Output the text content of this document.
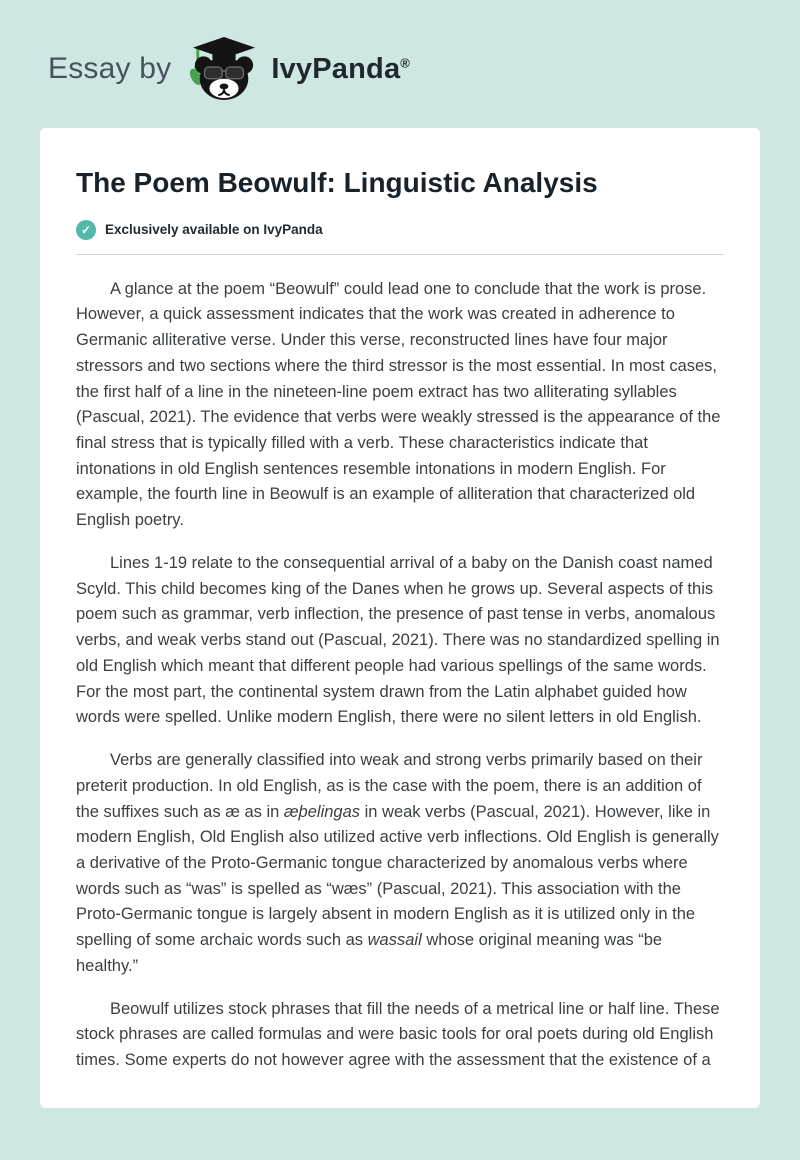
Essay by	IvyPanda®
The Poem Beowulf: Linguistic Analysis
✓	Exclusively available on IvyPanda

A glance at the poem “Beowulf” could lead one to conclude that the work is prose. However, a quick assessment indicates that the work was created in adherence to Germanic alliterative verse. Under this verse, reconstructed lines have four major stressors and two sections where the third stressor is the most essential. In most cases, the first half of a line in the nineteen-line poem extract has two alliterating syllables (Pascual, 2021). The evidence that verbs were weakly stressed is the appearance of the final stress that is typically filled with a verb. These characteristics indicate that intonations in old English sentences resemble intonations in modern English. For example, the fourth line in Beowulf is an example of alliteration that characterized old English poetry.

Lines 1-19 relate to the consequential arrival of a baby on the Danish coast named Scyld. This child becomes king of the Danes when he grows up. Several aspects of this poem such as grammar, verb inflection, the presence of past tense in verbs, anomalous verbs, and weak verbs stand out (Pascual, 2021). There was no standardized spelling in old English which meant that different people had various spellings of the same words. For the most part, the continental system drawn from the Latin alphabet guided how words were spelled. Unlike modern English, there were no silent letters in old English.

Verbs are generally classified into weak and strong verbs primarily based on their preterit production. In old English, as is the case with the poem, there is an addition of the suffixes such as æ as in æþelingas in weak verbs (Pascual, 2021). However, like in modern English, Old English also utilized active verb inflections. Old English is generally a derivative of the Proto-Germanic tongue characterized by anomalous verbs where words such as “was” is spelled as “wæs” (Pascual, 2021). This association with the Proto-Germanic tongue is largely absent in modern English as it is utilized only in the spelling of some archaic words such as wassail whose original meaning was “be healthy.”

Beowulf utilizes stock phrases that fill the needs of a metrical line or half line. These stock phrases are called formulas and were basic tools for oral poets during old English times. Some experts do not however agree with the assessment that the existence of a
